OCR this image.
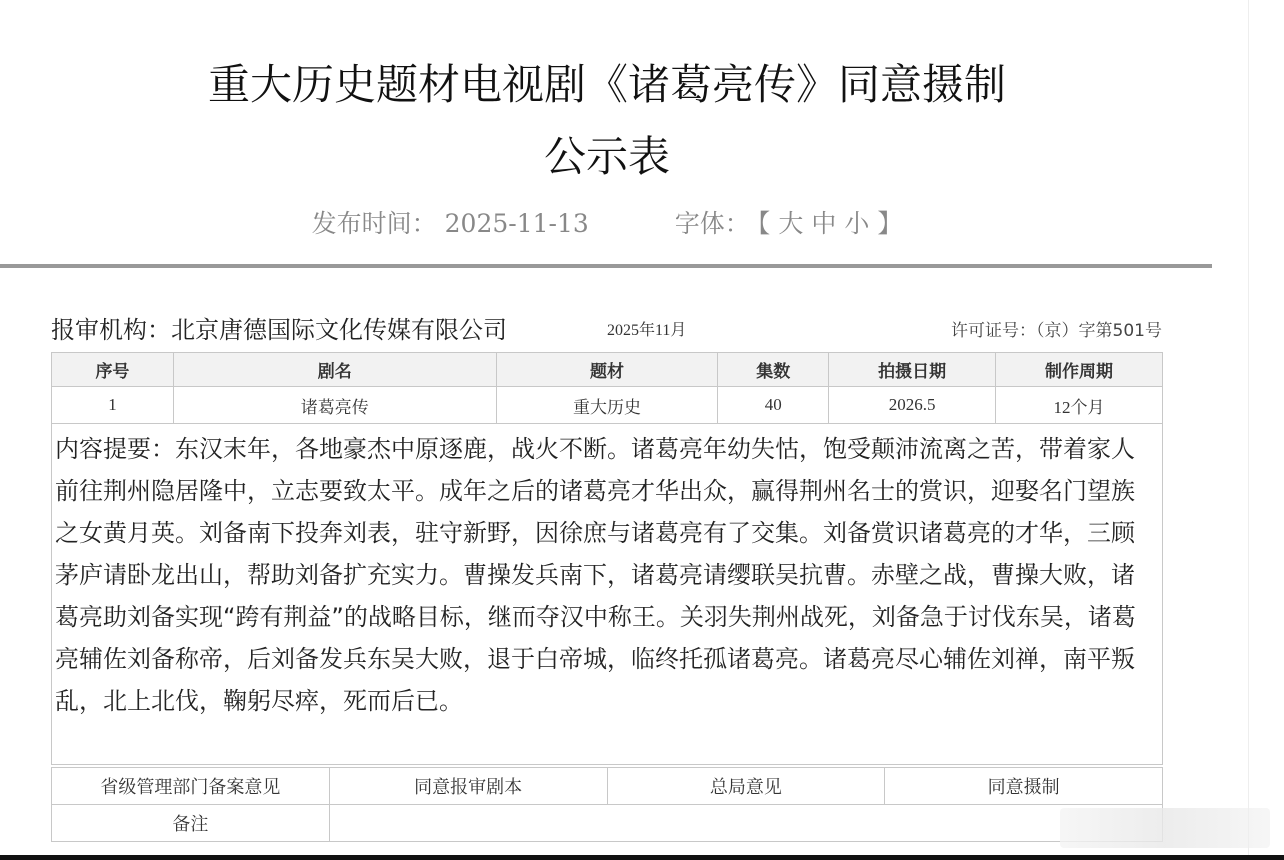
重大历史题材电视剧《诸葛亮传》同意摄制
公示表
发布时间： 2025-11-13	字体： 【 大 中 小 】
报审机构：北京唐德国际文化传媒有限公司	2025年11月	许可证号：（京）字第501号
序号	剧名	题材	集数	拍摄日期	制作周期
1	诸葛亮传	重大历史	40	2026.5	12个月
内容提要：东汉末年，各地豪杰中原逐鹿，战火不断。诸葛亮年幼失怙，饱受颠沛流离之苦，带着家人前往荆州隐居隆中，立志要致太平。成年之后的诸葛亮才华出众，赢得荆州名士的赏识，迎娶名门望族之女黄月英。刘备南下投奔刘表，驻守新野，因徐庶与诸葛亮有了交集。刘备赏识诸葛亮的才华，三顾茅庐请卧龙出山，帮助刘备扩充实力。曹操发兵南下，诸葛亮请缨联吴抗曹。赤壁之战，曹操大败，诸葛亮助刘备实现“跨有荆益”的战略目标，继而夺汉中称王。关羽失荆州战死，刘备急于讨伐东吴，诸葛亮辅佐刘备称帝，后刘备发兵东吴大败，退于白帝城，临终托孤诸葛亮。诸葛亮尽心辅佐刘禅，南平叛乱，北上北伐，鞠躬尽瘁，死而后已。					
省级管理部门备案意见	同意报审剧本	总局意见	同意摄制
备注			
